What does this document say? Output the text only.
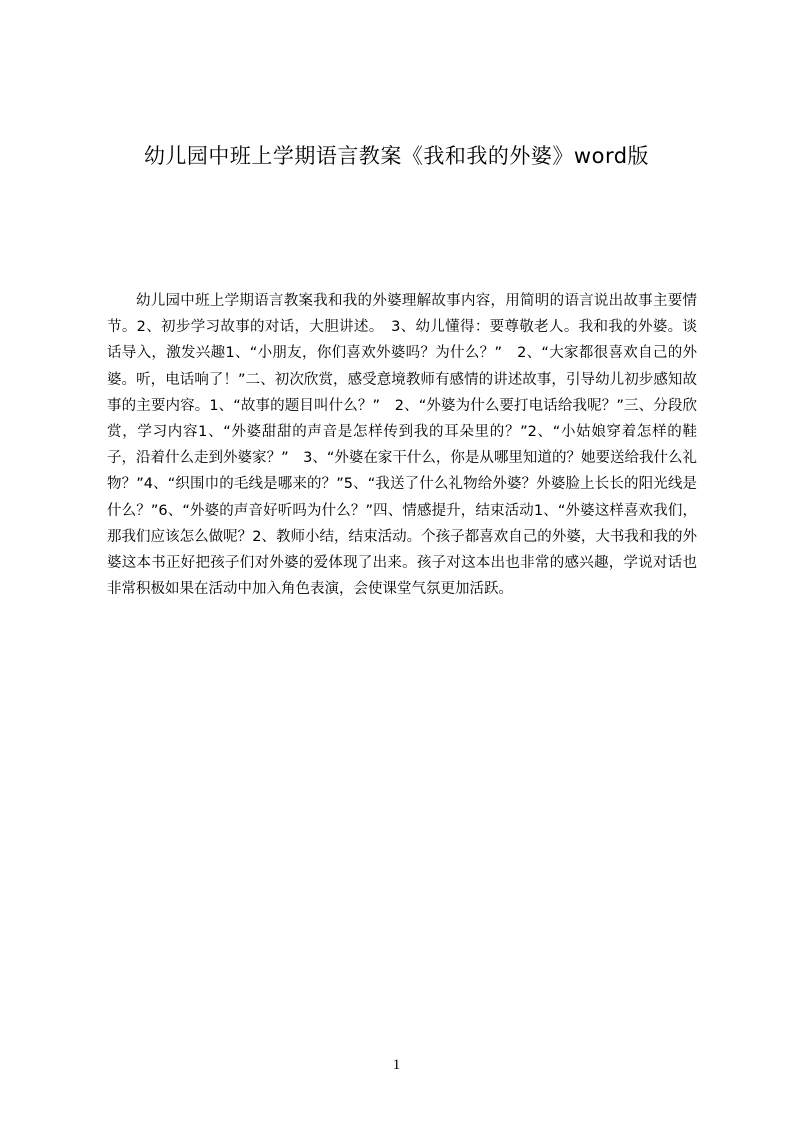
幼儿园中班上学期语言教案《我和我的外婆》word版

幼儿园中班上学期语言教案我和我的外婆理解故事内容，用简明的语言说出故事主要情节。2、初步学习故事的对话，大胆讲述。　3、幼儿懂得：要尊敬老人。我和我的外婆。谈话导入，激发兴趣1、“小朋友，你们喜欢外婆吗？为什么？”　2、“大家都很喜欢自己的外婆。听，电话响了！”二、初次欣赏，感受意境教师有感情的讲述故事，引导幼儿初步感知故事的主要内容。1、“故事的题目叫什么？”　2、“外婆为什么要打电话给我呢？”三、分段欣赏，学习内容1、“外婆甜甜的声音是怎样传到我的耳朵里的？”2、“小姑娘穿着怎样的鞋子，沿着什么走到外婆家？”　3、“外婆在家干什么，你是从哪里知道的？她要送给我什么礼物？”4、“织围巾的毛线是哪来的？”5、“我送了什么礼物给外婆？外婆脸上长长的阳光线是什么？”6、“外婆的声音好听吗为什么？”四、情感提升，结束活动1、“外婆这样喜欢我们，那我们应该怎么做呢？2、教师小结，结束活动。个孩子都喜欢自己的外婆，大书我和我的外婆这本书正好把孩子们对外婆的爱体现了出来。孩子对这本出也非常的感兴趣，学说对话也非常积极如果在活动中加入角色表演，会使课堂气氛更加活跃。

1
